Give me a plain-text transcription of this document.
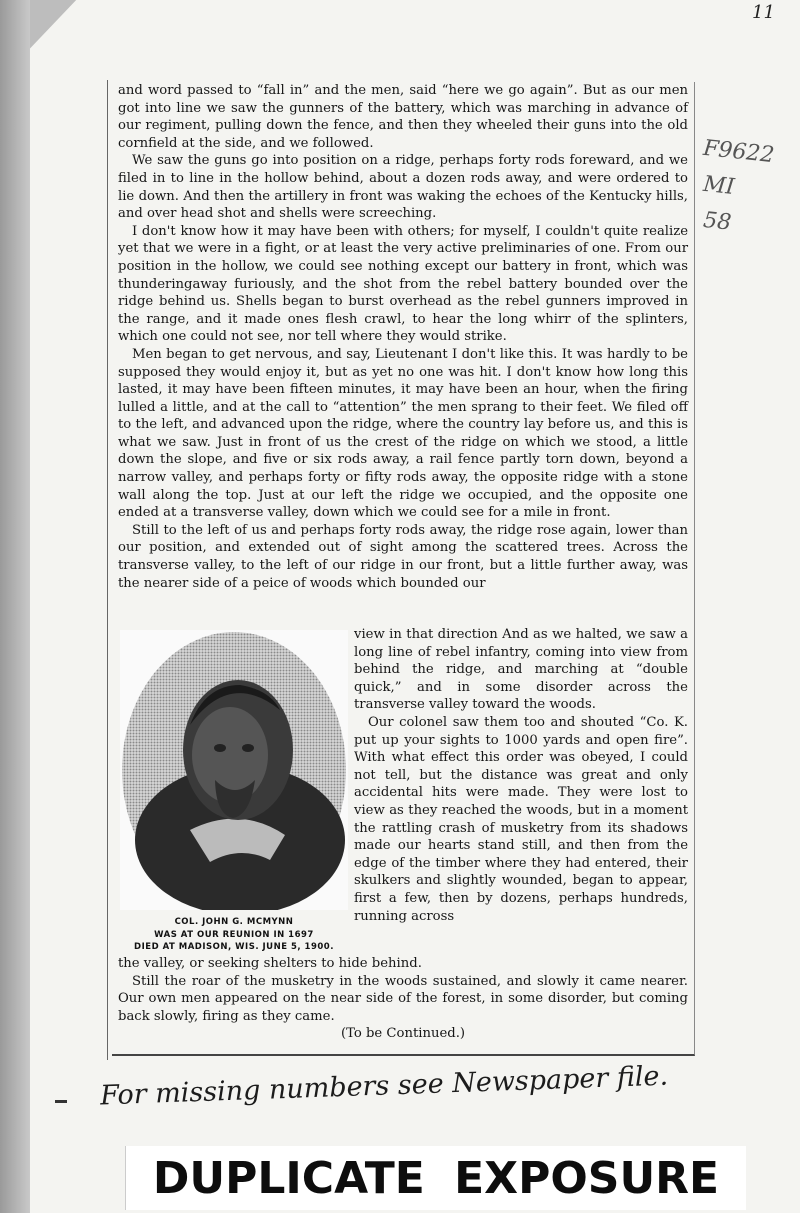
11
F9622
MI
58

and word passed to “fall in” and the men, said “here we go again”. But as our men got into line we saw the gunners of the battery, which was marching in advance of our regiment, pulling down the fence, and then they wheeled their guns into the old cornfield at the side, and we followed.

We saw the guns go into position on a ridge, perhaps forty rods foreward, and we filed in to line in the hollow behind, about a dozen rods away, and were ordered to lie down. And then the artillery in front was waking the echoes of the Kentucky hills, and over head shot and shells were screeching.

I don't know how it may have been with others; for myself, I couldn't quite realize yet that we were in a fight, or at least the very active preliminaries of one. From our position in the hollow, we could see nothing except our battery in front, which was thunderingaway furiously, and the shot from the rebel battery bounded over the ridge behind us. Shells began to burst overhead as the rebel gunners improved in the range, and it made ones flesh crawl, to hear the long whirr of the splinters, which one could not see, nor tell where they would strike.

Men began to get nervous, and say, Lieutenant I don't like this. It was hardly to be supposed they would enjoy it, but as yet no one was hit. I don't know how long this lasted, it may have been fifteen minutes, it may have been an hour, when the firing lulled a little, and at the call to “attention” the men sprang to their feet. We filed off to the left, and advanced upon the ridge, where the country lay before us, and this is what we saw. Just in front of us the crest of the ridge on which we stood, a little down the slope, and five or six rods away, a rail fence partly torn down, beyond a narrow valley, and perhaps forty or fifty rods away, the opposite ridge with a stone wall along the top. Just at our left the ridge we occupied, and the opposite one ended at a transverse valley, down which we could see for a mile in front.

Still to the left of us and perhaps forty rods away, the ridge rose again, lower than our position, and extended out of sight among the scattered trees. Across the transverse valley, to the left of our ridge in our front, but a little further away, was the nearer side of a peice of woods which bounded our

COL. JOHN G. MCMYNN
WAS AT OUR REUNION IN 1697
DIED AT MADISON, WIS. JUNE 5, 1900.

view in that direction And as we halted, we saw a long line of rebel infantry, coming into view from behind the ridge, and marching at “double quick,” and in some disorder across the transverse valley toward the woods.

Our colonel saw them too and shouted “Co. K. put up your sights to 1000 yards and open fire”. With what effect this order was obeyed, I could not tell, but the distance was great and only accidental hits were made. They were lost to view as they reached the woods, but in a moment the rattling crash of musketry from its shadows made our hearts stand still, and then from the edge of the timber where they had entered, their skulkers and slightly wounded, began to appear, first a few, then by dozens, perhaps hundreds, running across

the valley, or seeking shelters to hide behind.

Still the roar of the musketry in the woods sustained, and slowly it came nearer. Our own men appeared on the near side of the forest, in some disorder, but coming back slowly, firing as they came.

(To be Continued.)

For missing numbers see Newspaper file.
DUPLICATE EXPOSURE
